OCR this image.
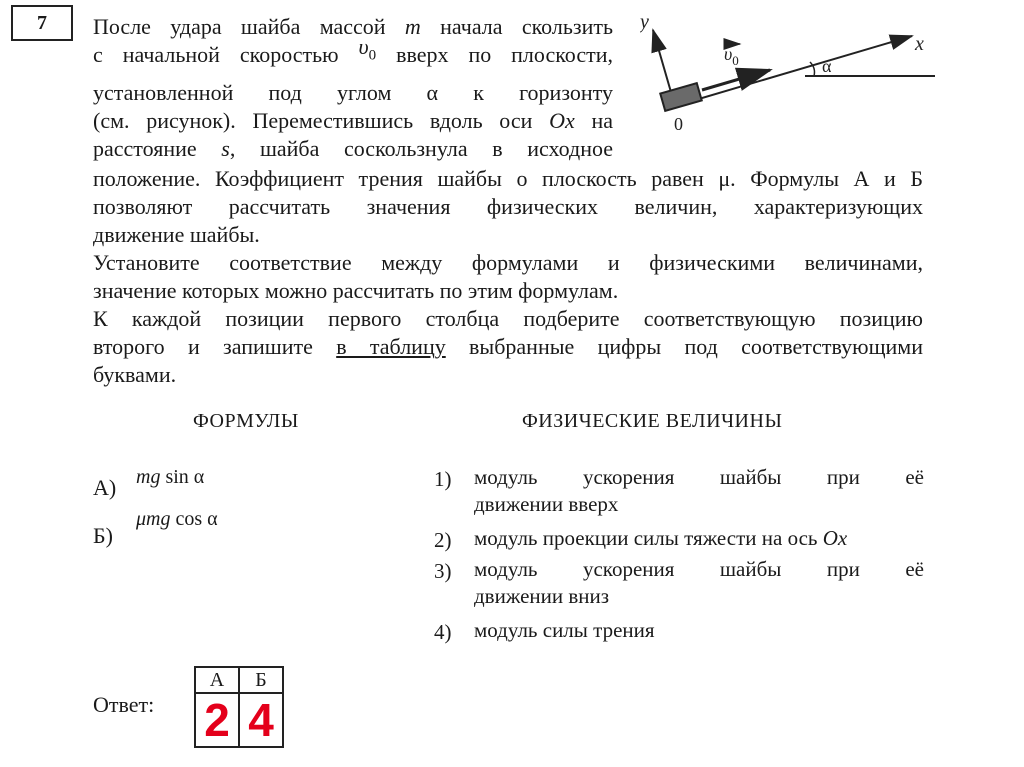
7	После удара шайба массой m начала скользить
с начальной скоростью $\upsilon_0$ вверх по плоскости,
установленной под углом α к горизонту
(см. рисунок). Переместившись вдоль оси Ox на
расстояние s, шайба соскользнула в исходное
положение. Коэффициент трения шайбы о плоскость равен μ. Формулы А и Б
позволяют рассчитать значения физических величин, характеризующих
движение шайбы.
Установите соответствие между формулами и физическими величинами,
значение которых можно рассчитать по этим формулам.
К каждой позиции первого столбца подберите соответствующую позицию
второго и запишите в таблицу выбранные цифры под соответствующими
буквами.
y
x
0
α
$\upsilon_0$
ФОРМУЛЫ	ФИЗИЧЕСКИЕ ВЕЛИЧИНЫ
А) mg sin α
Б)
μmg cos α
1) модуль ускорения шайбы при её
движении вверх
2) модуль проекции силы тяжести на ось Ox
3) модуль ускорения шайбы при её
движении вниз
4) модуль силы трения
Ответ:
А	Б
2	4
